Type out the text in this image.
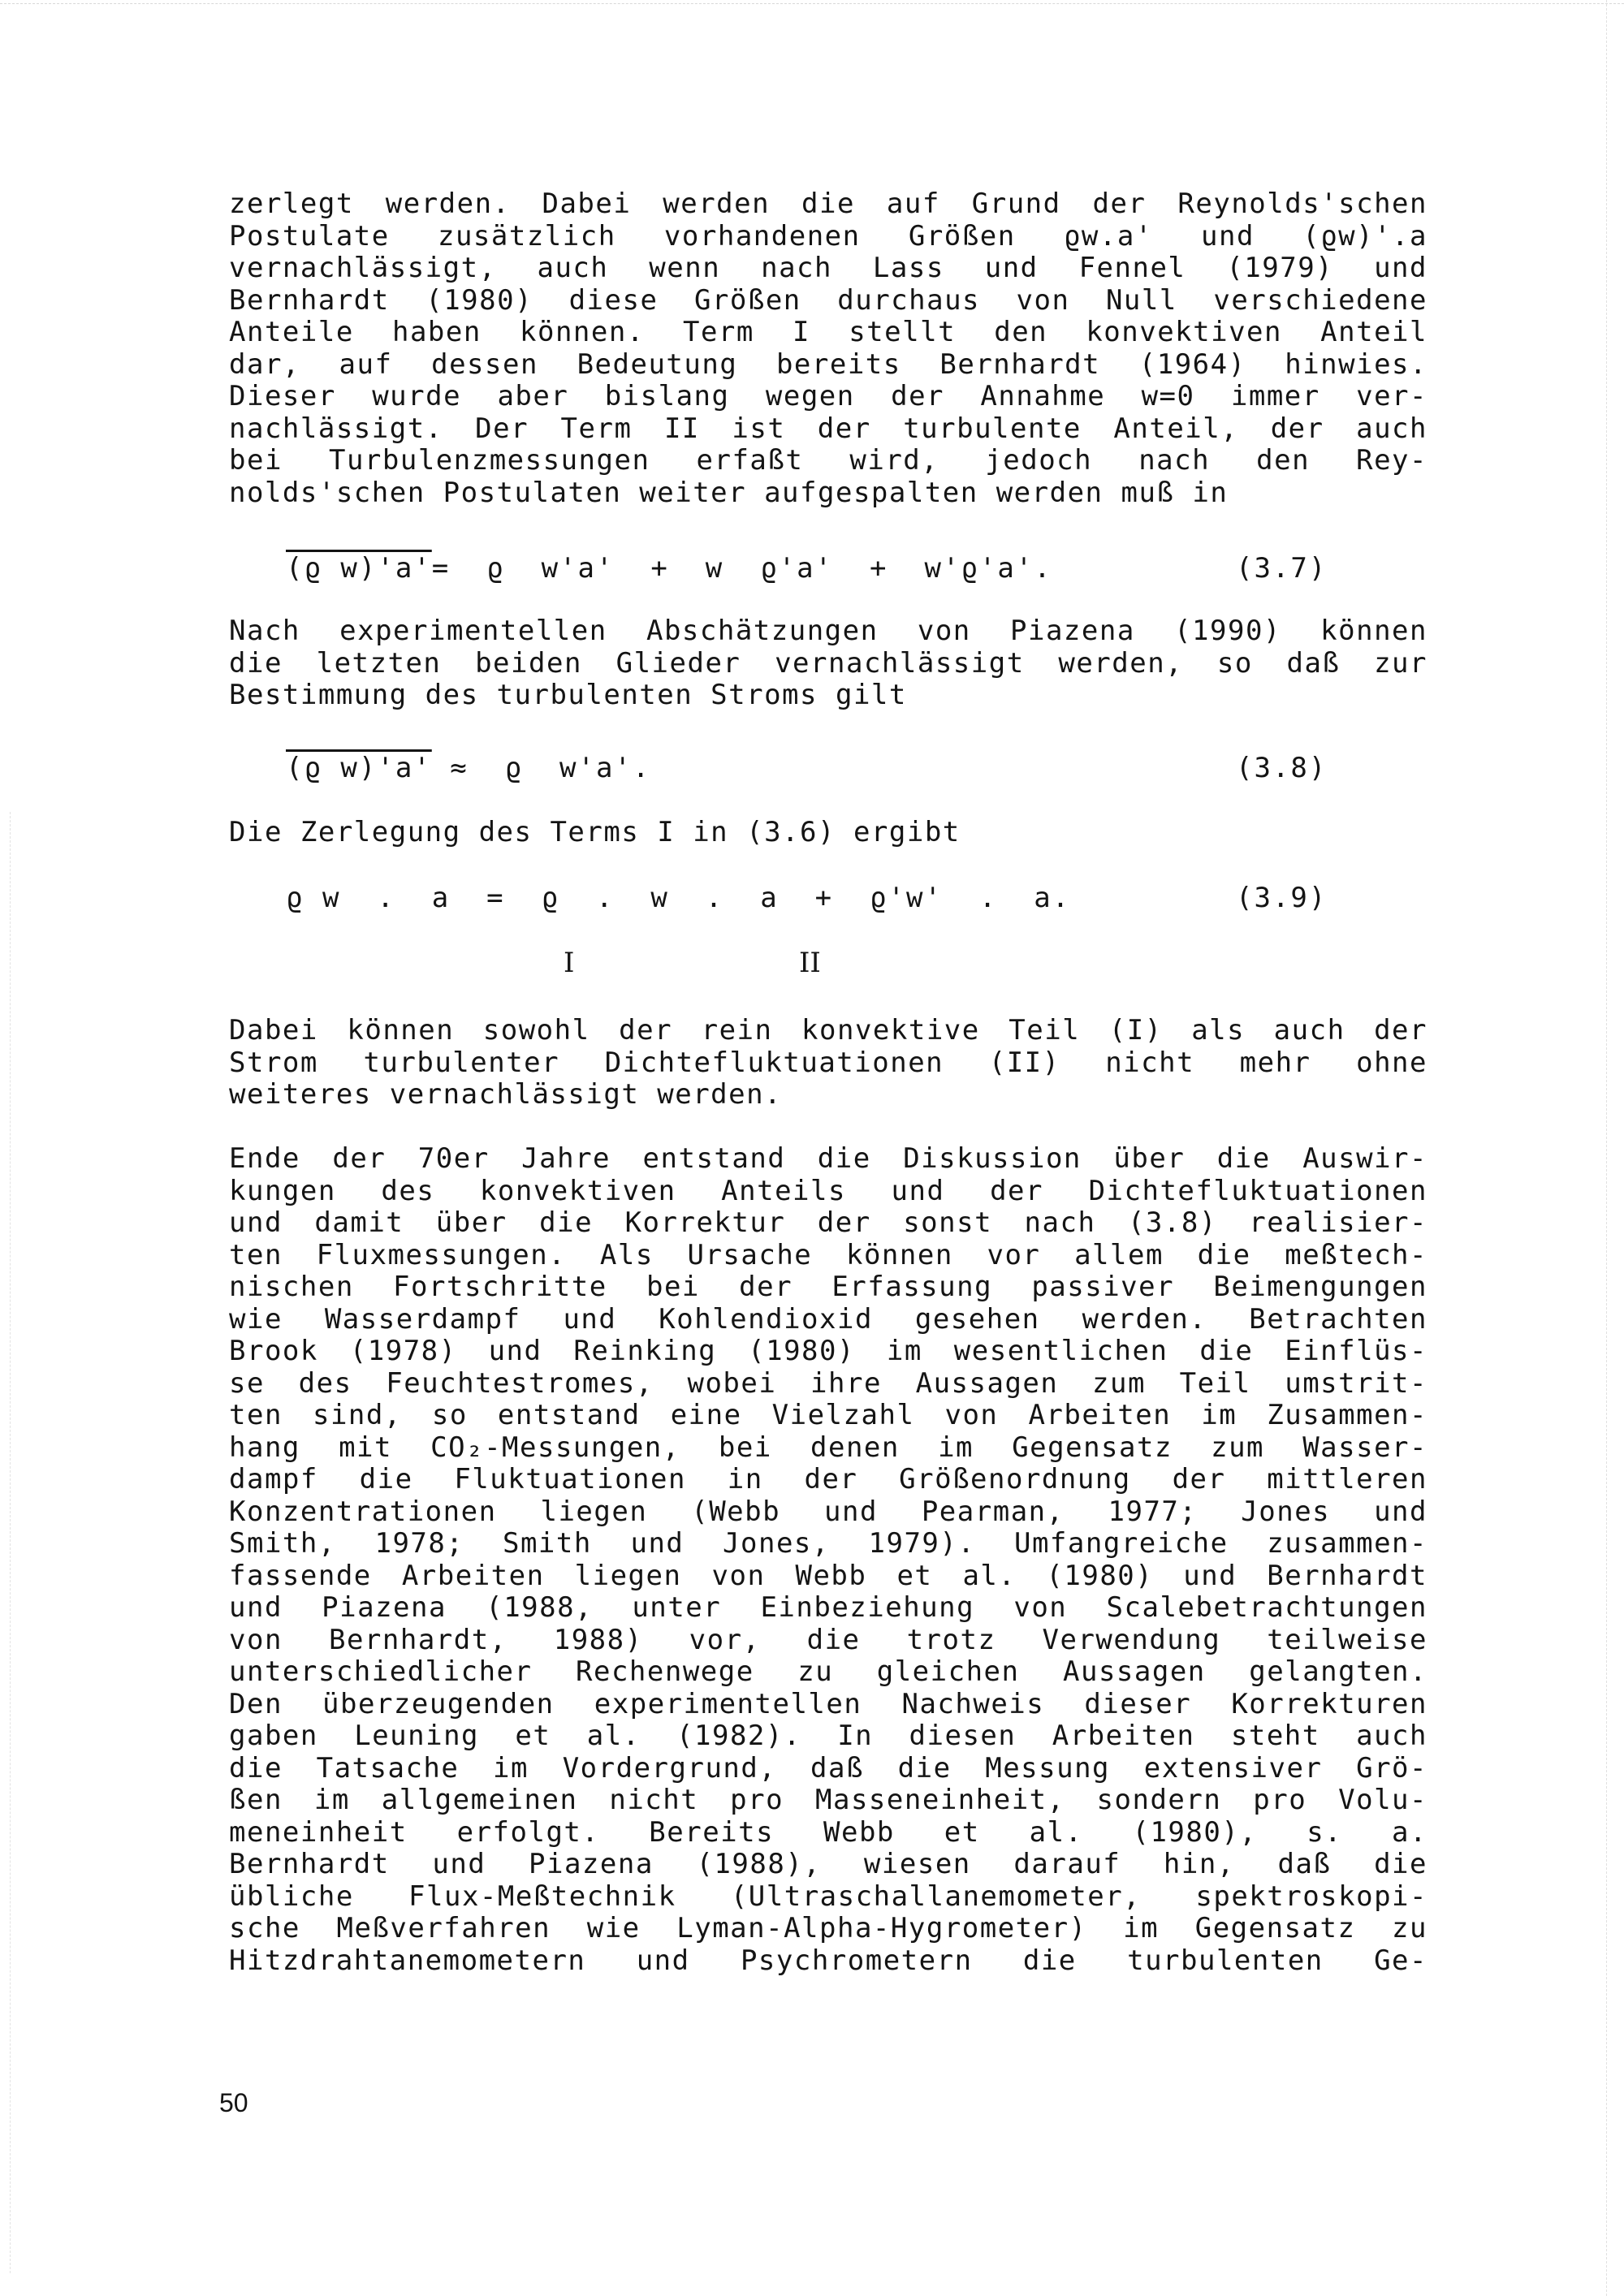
zerlegt werden. Dabei werden die auf Grund der Reynolds'schen
Postulate zusätzlich vorhandenen Größen ϱw.a' und (ϱw)'.a
vernachlässigt, auch wenn nach Lass und Fennel (1979) und
Bernhardt (1980) diese Größen durchaus von Null verschiedene
Anteile haben können. Term I stellt den konvektiven Anteil
dar, auf dessen Bedeutung bereits Bernhardt (1964) hinwies.
Dieser wurde aber bislang wegen der Annahme w=0 immer ver-
nachlässigt. Der Term II ist der turbulente Anteil, der auch
bei Turbulenzmessungen erfaßt wird, jedoch nach den Rey-
nolds'schen Postulaten weiter aufgespalten werden muß in
(ϱ w)'a'=  ϱ  w'a'  +  w  ϱ'a'  +  w'ϱ'a'.	(3.7)
Nach experimentellen Abschätzungen von Piazena (1990) können
die letzten beiden Glieder vernachlässigt werden, so daß zur
Bestimmung des turbulenten Stroms gilt
(ϱ w)'a' ≈  ϱ  w'a'.	(3.8)
Die Zerlegung des Terms I in (3.6) ergibt
ϱ w  .  a  =  ϱ  .  w  .  a  +  ϱ'w'  .  a.	(3.9)
I	II
Dabei können sowohl der rein konvektive Teil (I) als auch der
Strom turbulenter Dichtefluktuationen (II) nicht mehr ohne
weiteres vernachlässigt werden.
Ende der 70er Jahre entstand die Diskussion über die Auswir-
kungen des konvektiven Anteils und der Dichtefluktuationen
und damit über die Korrektur der sonst nach (3.8) realisier-
ten Fluxmessungen. Als Ursache können vor allem die meßtech-
nischen Fortschritte bei der Erfassung passiver Beimengungen
wie Wasserdampf und Kohlendioxid gesehen werden. Betrachten
Brook (1978) und Reinking (1980) im wesentlichen die Einflüs-
se des Feuchtestromes, wobei ihre Aussagen zum Teil umstrit-
ten sind, so entstand eine Vielzahl von Arbeiten im Zusammen-
hang mit CO₂-Messungen, bei denen im Gegensatz zum Wasser-
dampf die Fluktuationen in der Größenordnung der mittleren
Konzentrationen liegen (Webb und Pearman, 1977; Jones und
Smith, 1978; Smith und Jones, 1979). Umfangreiche zusammen-
fassende Arbeiten liegen von Webb et al. (1980) und Bernhardt
und Piazena (1988, unter Einbeziehung von Scalebetrachtungen
von Bernhardt, 1988) vor, die trotz Verwendung teilweise
unterschiedlicher Rechenwege zu gleichen Aussagen gelangten.
Den überzeugenden experimentellen Nachweis dieser Korrekturen
gaben Leuning et al. (1982). In diesen Arbeiten steht auch
die Tatsache im Vordergrund, daß die Messung extensiver Grö-
ßen im allgemeinen nicht pro Masseneinheit, sondern pro Volu-
meneinheit erfolgt. Bereits Webb et al. (1980), s. a.
Bernhardt und Piazena (1988), wiesen darauf hin, daß die
übliche Flux-Meßtechnik (Ultraschallanemometer, spektroskopi-
sche Meßverfahren wie Lyman-Alpha-Hygrometer) im Gegensatz zu
Hitzdrahtanemometern und Psychrometern die turbulenten Ge-
50
